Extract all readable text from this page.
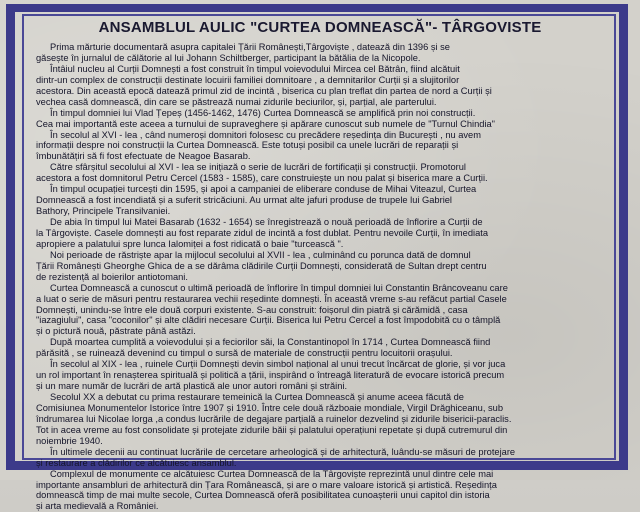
ANSAMBLUL AULIC "CURTEA DOMNEASCĂ"- TÂRGOVISTE
Prima mărturie documentară asupra capitalei Țării Românești,Târgoviște , datează din 1396 și se
găsește în jurnalul de călătorie al lui Johann Schiltberger, participant la bătălia de la Nicopole.
Întâiul nucleu al Curții Domnești a fost construit în timpul voievodului Mircea cel Bătrân, fiind alcătuit
dintr-un complex de construcții destinate locuirii familiei domnitoare , a demnitarilor Curții și a slujitorilor
acestora. Din această epocă datează primul zid de incintă , biserica cu plan treflat din partea de nord a Curții și
vechea casă domnească, din care se păstrează numai zidurile beciurilor, și, parțial, ale parterului.
În timpul domniei lui Vlad Țepeș (1456-1462, 1476) Curtea Domnească se amplifică prin noi construcții.
Cea mai importantă este aceea a turnului de supraveghere și apărare cunoscut sub numele de "Turnul Chindia"
În secolul al XVI - lea , când numeroși domnitori folosesc cu precădere reședința din București , nu avem
informații despre noi construcții la Curtea Domnească. Este totuși posibil ca unele lucrări de reparații și
îmbunătățiri să fi fost efectuate de Neagoe Basarab.
Către sfârșitul secolului al XVI - lea se inițiază o serie de lucrări de fortificații și construcții. Promotorul
acestora a fost domnitorul Petru Cercel (1583 - 1585), care construiește un nou palat și biserica mare a Curții.
În timpul ocupației turcești din 1595, și apoi a campaniei de eliberare conduse de Mihai Viteazul, Curtea
Domnească a fost incendiată și a suferit stricăciuni. Au urmat alte jafuri produse de trupele lui Gabriel
Bathory, Principele Transilvaniei.
De abia în timpul lui Matei Basarab (1632 - 1654) se înregistrează o nouă perioadă de înflorire a Curții de
la Târgoviște. Casele domnești au fost reparate zidul de incintă a fost dublat. Pentru nevoile Curții, în imediata
apropiere a palatului spre lunca Ialomiței a fost ridicată o baie "turcească ".
Noi perioade de răstriște apar la mijlocul secolului al XVII - lea , culminând cu porunca dată de domnul
Țării Românești Gheorghe Ghica de a se dărâma clădirile Curții Domnești, considerată de Sultan drept centru
de rezistență al boierilor antiotomani.
Curtea Domnească a cunoscut o ultimă perioadă de înflorire în timpul domniei lui Constantin Brâncoveanu care
a luat o serie de măsuri pentru restaurarea vechii reședinte domnești. În această vreme s-au refăcut partial Casele
Domnești, unindu-se între ele două corpuri existente. S-au construit: foișorul din piatră și cărămidă , casa
"iazagiului", casa "coconilor" și alte clădiri necesare Curții. Biserica lui Petru Cercel a fost împodobită cu o tâmplă
și o pictură nouă, păstrate până astăzi.
După moartea cumplită a voievodului și a feciorilor săi, la Constantinopol în 1714 , Curtea Domnească fiind
părăsită , se ruinează devenind cu timpul o sursă de materiale de construcții pentru locuitorii orașului.
În secolul al XIX - lea , ruinele Curții Domnești devin simbol național al unui trecut încărcat de glorie, și vor juca
un rol important în renașterea spirituală și politică a țării, inspirând o întreagă literatură de evocare istorică precum
și un mare număr de lucrări de artă plastică ale unor autori români și străini.
Secolul XX a debutat cu prima restaurare temeinică la Curtea Domnească și anume aceea făcută de
Comisiunea Monumentelor Istorice între 1907 și 1910. Între cele două războaie mondiale, Virgil Drăghiceanu, sub
îndrumarea lui Nicolae Iorga ,a condus lucrările de degajare parțială a ruinelor dezvelind și zidurile bisericii-paraclis.
Tot in acea vreme au fost consolidate și protejate zidurile băii și palatului operațiuni repetate și după cutremurul din
noiembrie 1940.
În ultimele decenii au continuat lucrările de cercetare arheologică și de arhitectură, luându-se măsuri de protejare
și restaurare a clădirilor ce alcătuiesc ansamblul.
Complexul de monumente ce alcătuiesc Curtea Domnească de la Târgoviște reprezintă unul dintre cele mai
importante ansambluri de arhitectură din Țara Românească, și are o mare valoare istorică și artistică. Reședința
domnească timp de mai multe secole, Curtea Domnească oferă posibilitatea cunoașterii unui capitol din istoria
și arta medievală a României.
